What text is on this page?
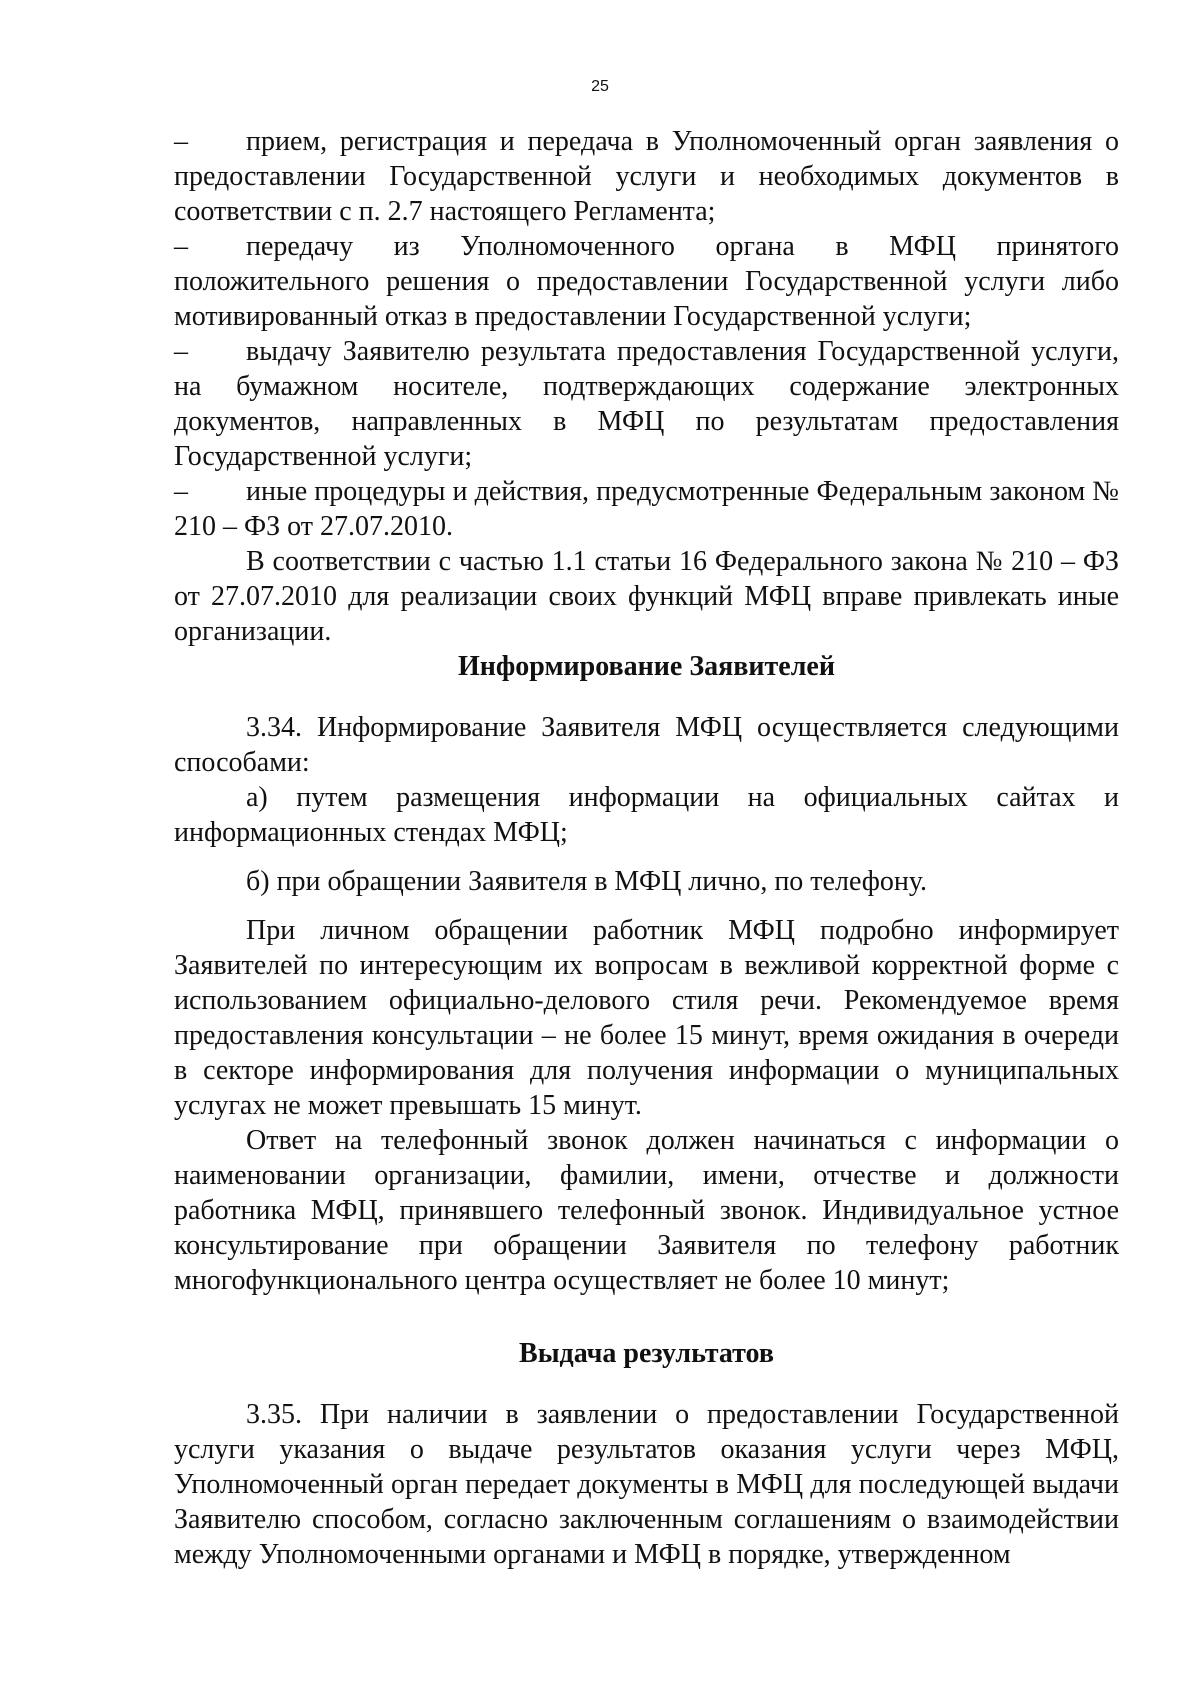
25

– прием, регистрация и передача в Уполномоченный орган заявления о предоставлении Государственной услуги и необходимых документов в соответствии с п. 2.7 настоящего Регламента;

– передачу из Уполномоченного органа в МФЦ принятого положительного решения о предоставлении Государственной услуги либо мотивированный отказ в предоставлении Государственной услуги;

– выдачу Заявителю результата предоставления Государственной услуги, на бумажном носителе, подтверждающих содержание электронных документов, направленных в МФЦ по результатам предоставления Государственной услуги;

– иные процедуры и действия, предусмотренные Федеральным законом № 210 – ФЗ от 27.07.2010.

В соответствии с частью 1.1 статьи 16 Федерального закона № 210 – ФЗ от 27.07.2010 для реализации своих функций МФЦ вправе привлекать иные организации.

Информирование Заявителей

3.34. Информирование Заявителя МФЦ осуществляется следующими способами:

а) путем размещения информации на официальных сайтах и информационных стендах МФЦ;

б) при обращении Заявителя в МФЦ лично, по телефону.

При личном обращении работник МФЦ подробно информирует Заявителей по интересующим их вопросам в вежливой корректной форме с использованием официально-делового стиля речи. Рекомендуемое время предоставления консультации – не более 15 минут, время ожидания в очереди в секторе информирования для получения информации о муниципальных услугах не может превышать 15 минут.

Ответ на телефонный звонок должен начинаться с информации о наименовании организации, фамилии, имени, отчестве и должности работника МФЦ, принявшего телефонный звонок. Индивидуальное устное консультирование при обращении Заявителя по телефону работник многофункционального центра осуществляет не более 10 минут;

Выдача результатов

3.35. При наличии в заявлении о предоставлении Государственной услуги указания о выдаче результатов оказания услуги через МФЦ, Уполномоченный орган передает документы в МФЦ для последующей выдачи Заявителю способом, согласно заключенным соглашениям о взаимодействии между Уполномоченными органами и МФЦ в порядке, утвержденном
